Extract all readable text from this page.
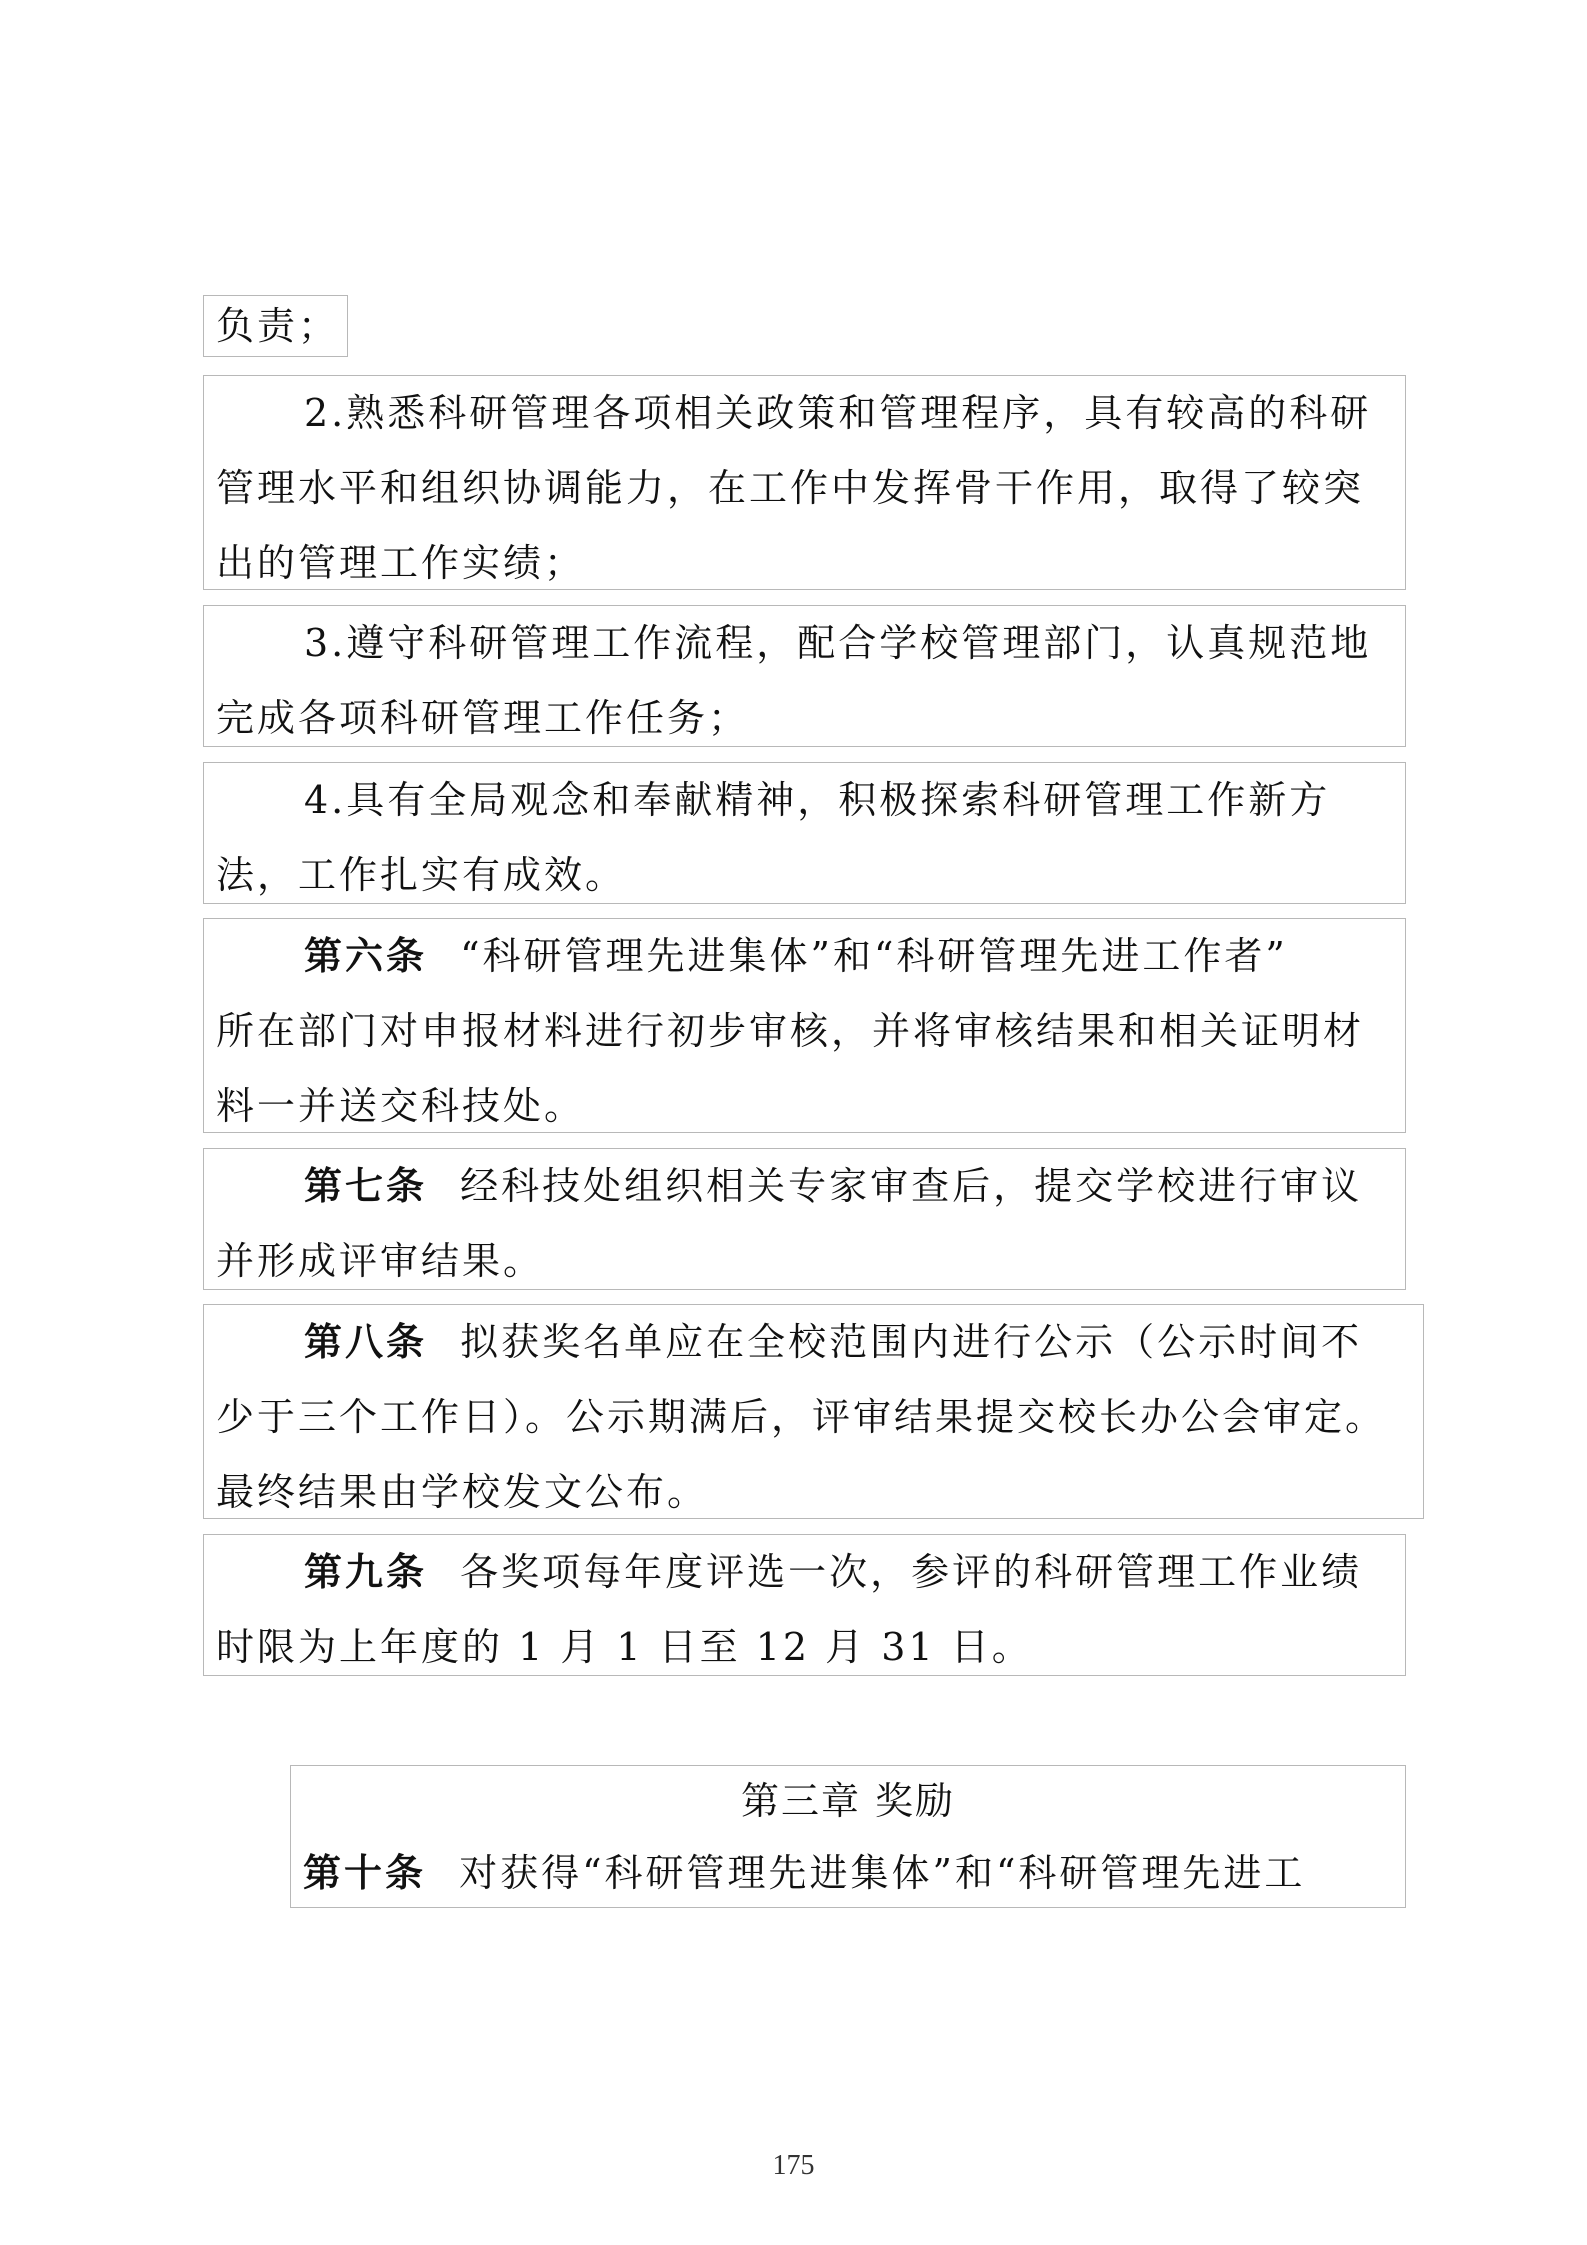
负责；
2.熟悉科研管理各项相关政策和管理程序，具有较高的科研
管理水平和组织协调能力，在工作中发挥骨干作用，取得了较突
出的管理工作实绩；
3.遵守科研管理工作流程，配合学校管理部门，认真规范地
完成各项科研管理工作任务；
4.具有全局观念和奉献精神，积极探索科研管理工作新方
法，工作扎实有成效。
第六条 “科研管理先进集体”和“科研管理先进工作者”
所在部门对申报材料进行初步审核，并将审核结果和相关证明材
料一并送交科技处。
第七条 经科技处组织相关专家审查后，提交学校进行审议
并形成评审结果。
第八条 拟获奖名单应在全校范围内进行公示（公示时间不
少于三个工作日）。公示期满后，评审结果提交校长办公会审定。
最终结果由学校发文公布。
第九条 各奖项每年度评选一次，参评的科研管理工作业绩
时限为上年度的 1 月 1 日至 12 月 31 日。
第三章 奖励
第十条 对获得“科研管理先进集体”和“科研管理先进工
175
